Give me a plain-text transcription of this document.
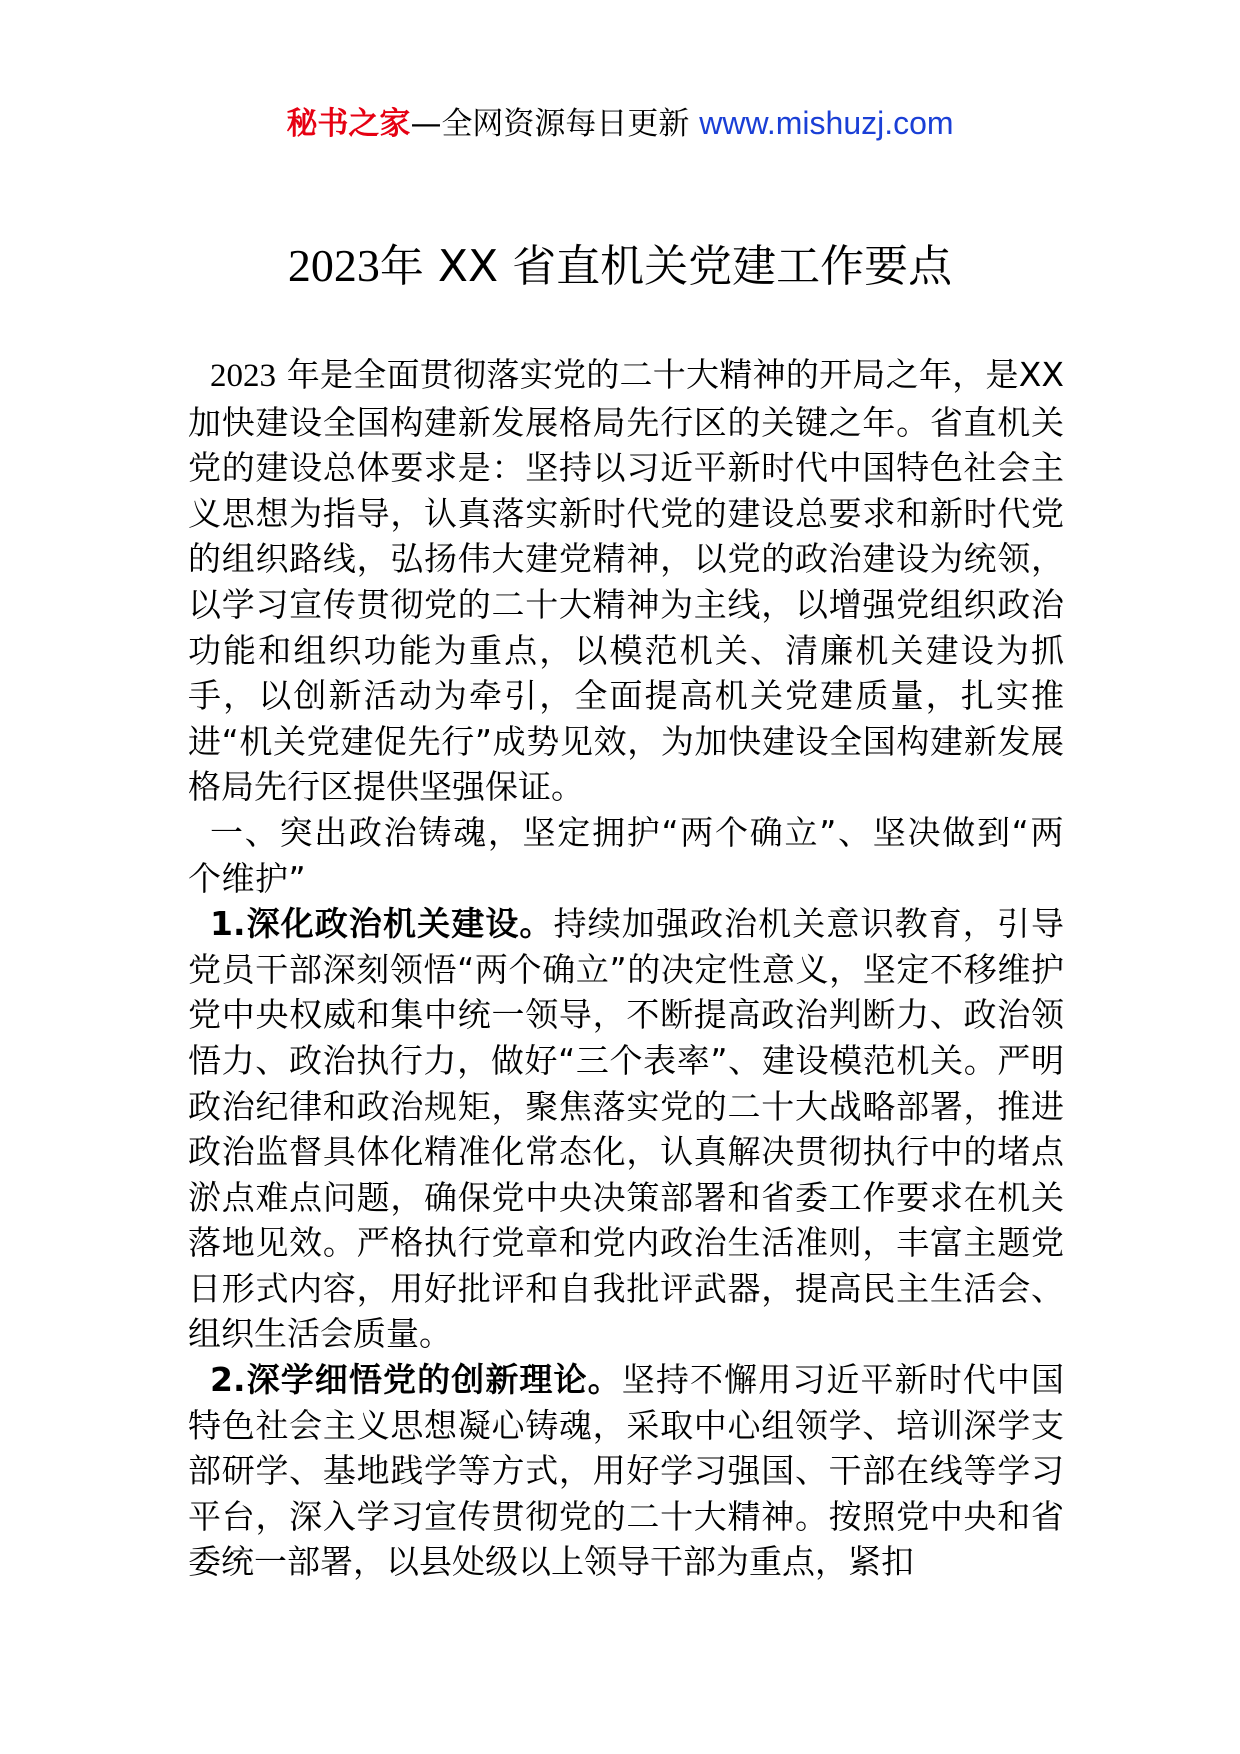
秘书之家—全网资源每日更新 www.mishuzj.com
2023年 XX 省直机关党建工作要点

2023 年是全面贯彻落实党的二十大精神的开局之年，是XX 加快建设全国构建新发展格局先行区的关键之年。省直机关党的建设总体要求是：坚持以习近平新时代中国特色社会主义思想为指导，认真落实新时代党的建设总要求和新时代党的组织路线，弘扬伟大建党精神，以党的政治建设为统领，以学习宣传贯彻党的二十大精神为主线，以增强党组织政治功能和组织功能为重点，以模范机关、清廉机关建设为抓手，以创新活动为牵引，全面提高机关党建质量，扎实推进“机关党建促先行”成势见效，为加快建设全国构建新发展格局先行区提供坚强保证。

一、突出政治铸魂，坚定拥护“两个确立”、坚决做到“两个维护”

1.深化政治机关建设。持续加强政治机关意识教育，引导党员干部深刻领悟“两个确立”的决定性意义，坚定不移维护党中央权威和集中统一领导，不断提高政治判断力、政治领悟力、政治执行力，做好“三个表率”、建设模范机关。严明政治纪律和政治规矩，聚焦落实党的二十大战略部署，推进政治监督具体化精准化常态化，认真解决贯彻执行中的堵点淤点难点问题，确保党中央决策部署和省委工作要求在机关落地见效。严格执行党章和党内政治生活准则，丰富主题党日形式内容，用好批评和自我批评武器，提高民主生活会、组织生活会质量。

2.深学细悟党的创新理论。坚持不懈用习近平新时代中国特色社会主义思想凝心铸魂，采取中心组领学、培训深学支部研学、基地践学等方式，用好学习强国、干部在线等学习平台，深入学习宣传贯彻党的二十大精神。按照党中央和省委统一部署，以县处级以上领导干部为重点，紧扣
